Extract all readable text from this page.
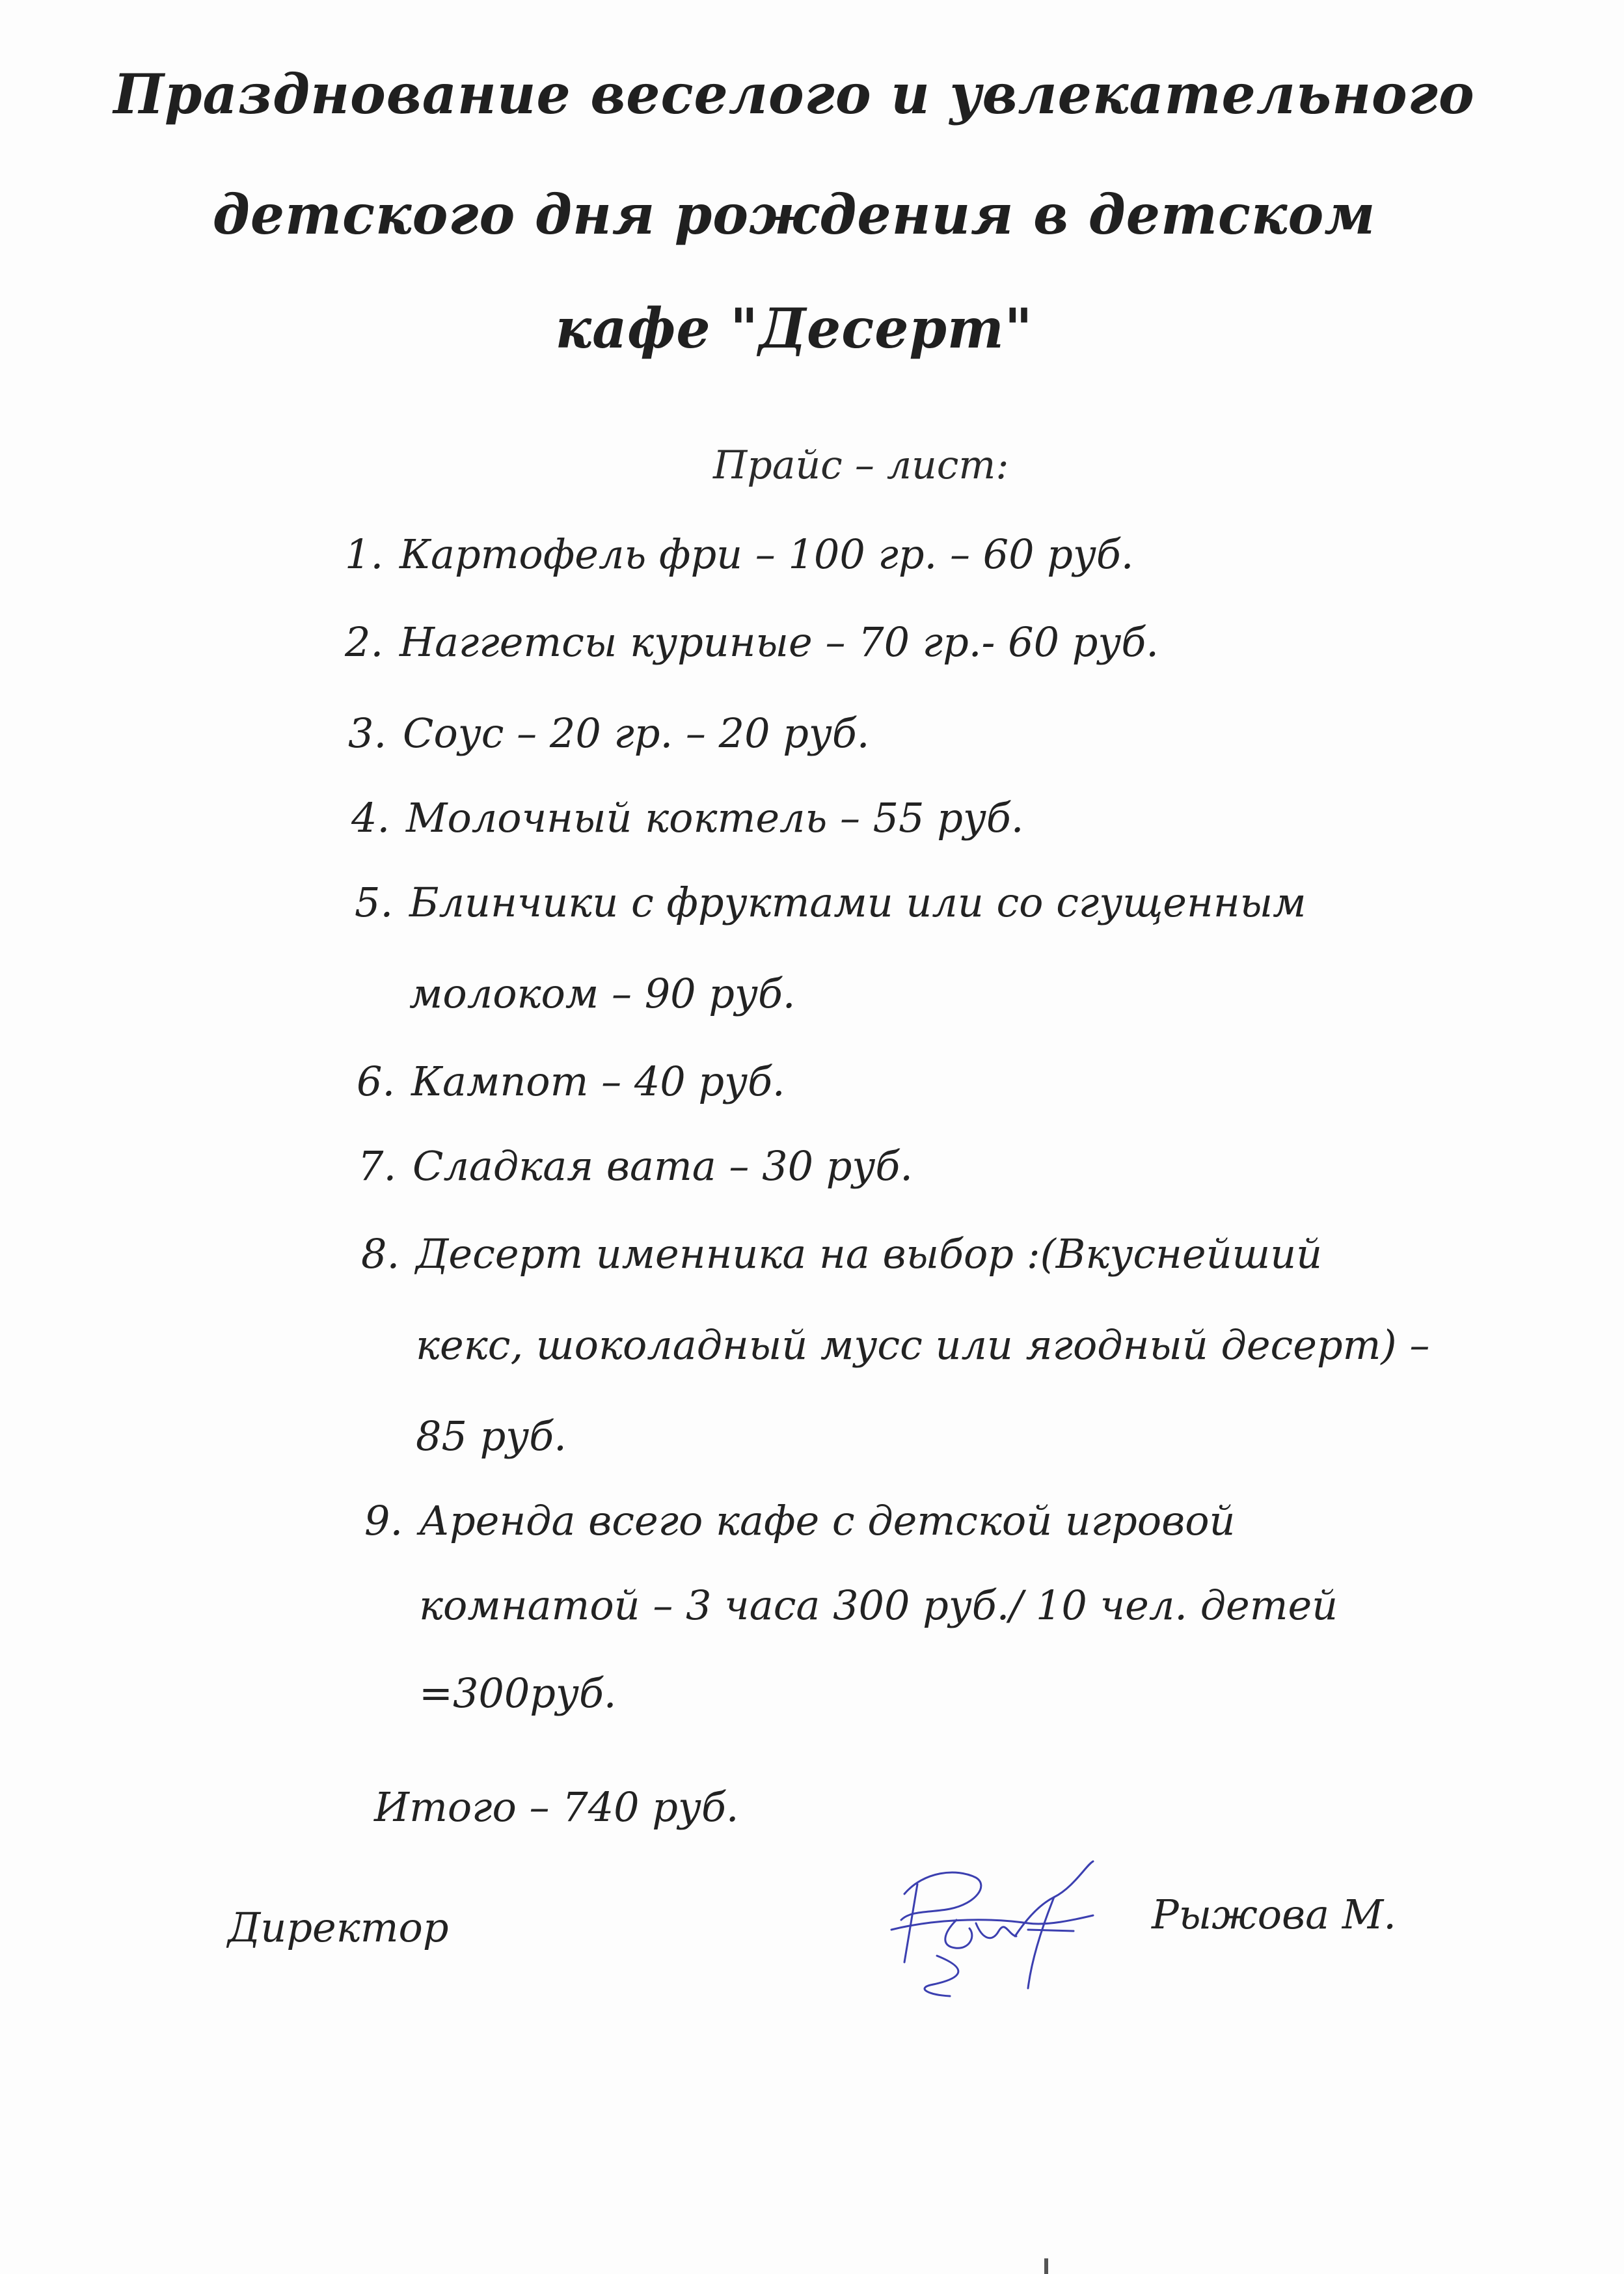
Празднование веселого и увлекательного
детского дня рождения в детском
кафе "Десерт"
Прайс – лист:
1. Картофель фри – 100 гр. – 60 руб.
2. Наггетсы куриные – 70 гр.- 60 руб.
3. Соус – 20 гр. – 20 руб.
4. Молочный коктель – 55 руб.
5. Блинчики с фруктами или со сгущенным
молоком – 90 руб.
6. Кампот – 40 руб.
7. Сладкая вата – 30 руб.
8. Десерт именника на выбор :(Вкуснейший
кекс, шоколадный мусс или ягодный десерт) –
85 руб.
9. Аренда всего кафе с детской игровой
комнатой – 3 часа 300 руб./ 10 чел. детей
=300руб.
Итого – 740 руб.
Директор	Рыжова М.
